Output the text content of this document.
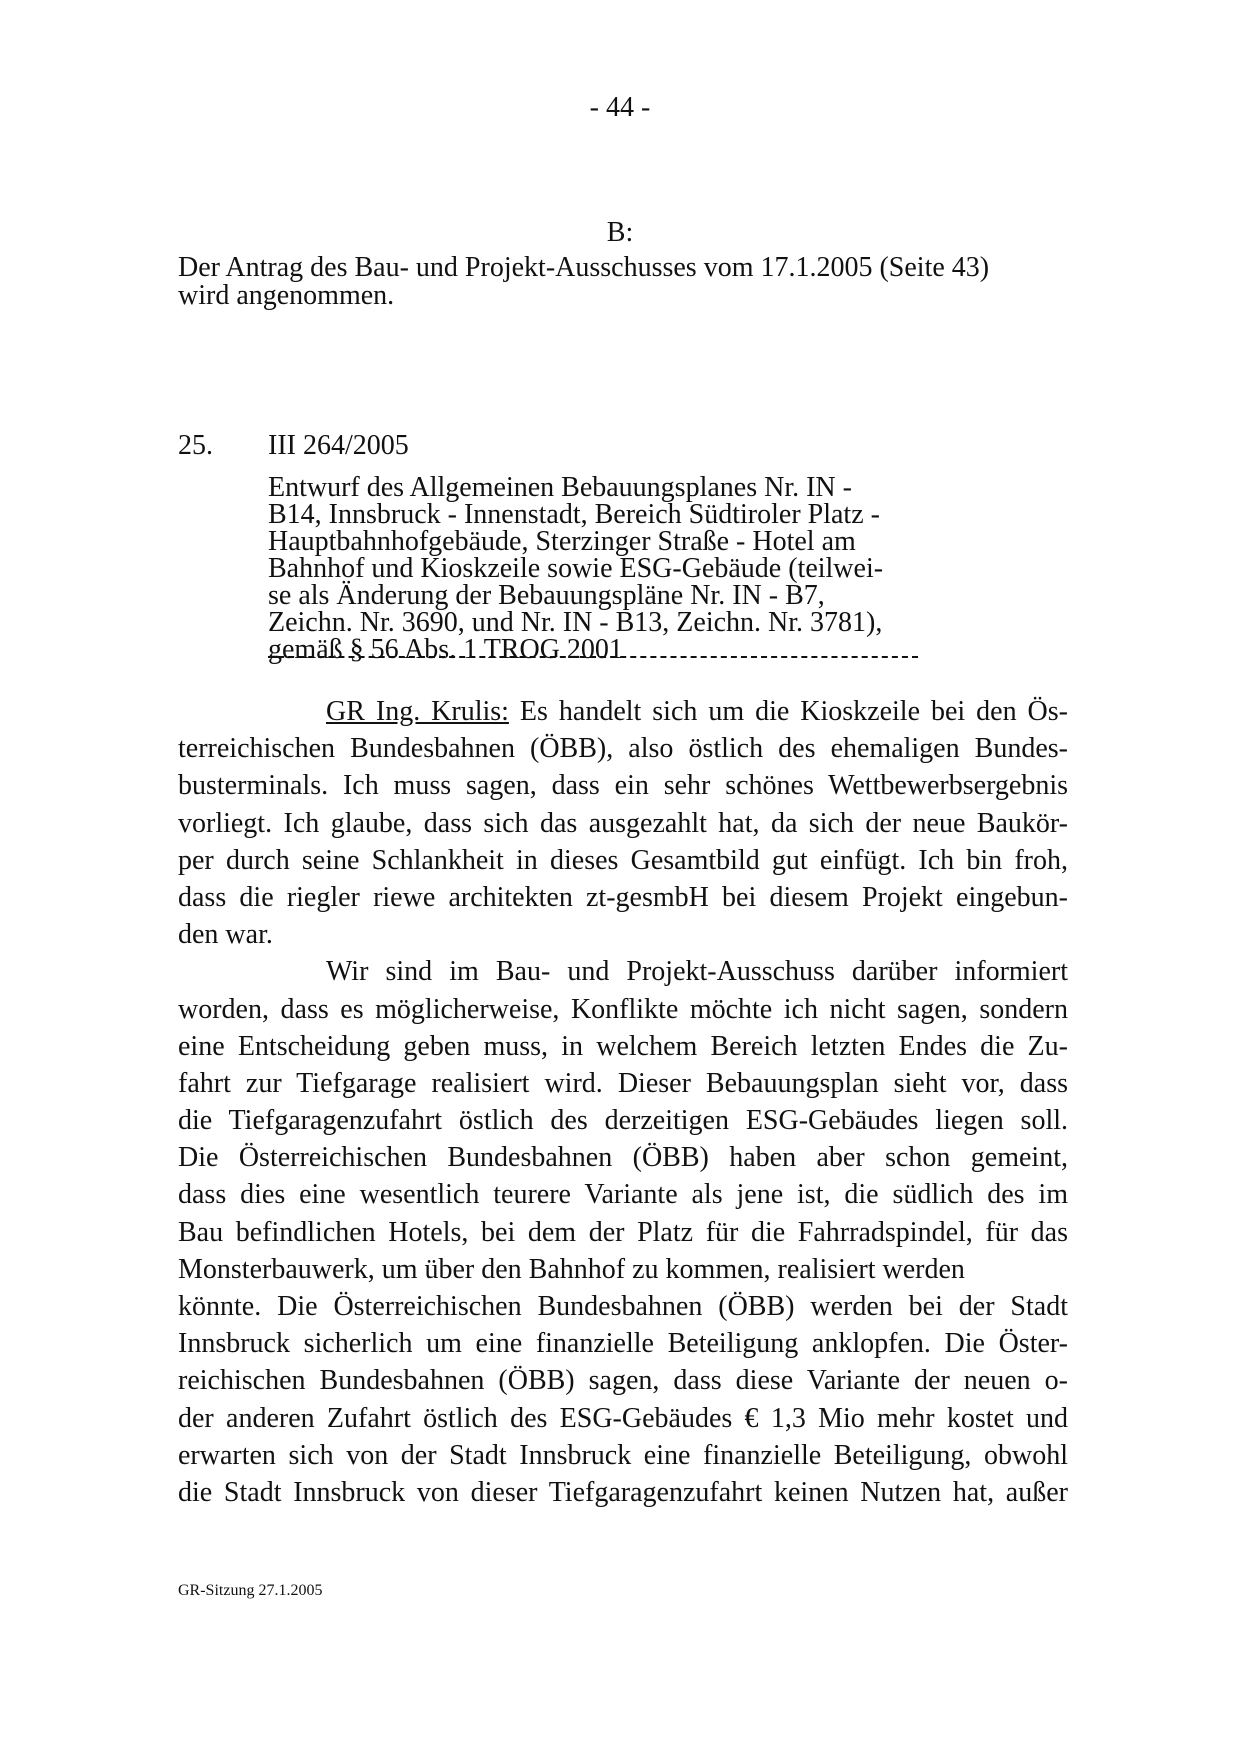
- 44 -
B:
Der Antrag des Bau- und Projekt-Ausschusses vom 17.1.2005 (Seite 43)
wird angenommen.
25. III 264/2005
Entwurf des Allgemeinen Bebauungsplanes Nr. IN -
B14, Innsbruck - Innenstadt, Bereich Südtiroler Platz -
Hauptbahnhofgebäude, Sterzinger Straße - Hotel am
Bahnhof und Kioskzeile sowie ESG-Gebäude (teilwei-
se als Änderung der Bebauungspläne Nr. IN - B7,
Zeichn. Nr. 3690, und Nr. IN - B13, Zeichn. Nr. 3781),
gemäß § 56 Abs. 1 TROG 2001
GR Ing. Krulis: Es handelt sich um die Kioskzeile bei den Ös-
terreichischen Bundesbahnen (ÖBB), also östlich des ehemaligen Bundes-
busterminals. Ich muss sagen, dass ein sehr schönes Wettbewerbsergebnis
vorliegt. Ich glaube, dass sich das ausgezahlt hat, da sich der neue Baukör-
per durch seine Schlankheit in dieses Gesamtbild gut einfügt. Ich bin froh,
dass die riegler riewe architekten zt-gesmbH bei diesem Projekt eingebun-
den war.
Wir sind im Bau- und Projekt-Ausschuss darüber informiert
worden, dass es möglicherweise, Konflikte möchte ich nicht sagen, sondern
eine Entscheidung geben muss, in welchem Bereich letzten Endes die Zu-
fahrt zur Tiefgarage realisiert wird. Dieser Bebauungsplan sieht vor, dass
die Tiefgaragenzufahrt östlich des derzeitigen ESG-Gebäudes liegen soll.
Die Österreichischen Bundesbahnen (ÖBB) haben aber schon gemeint,
dass dies eine wesentlich teurere Variante als jene ist, die südlich des im
Bau befindlichen Hotels, bei dem der Platz für die Fahrradspindel, für das
Monsterbauwerk, um über den Bahnhof zu kommen, realisiert werden
könnte. Die Österreichischen Bundesbahnen (ÖBB) werden bei der Stadt
Innsbruck sicherlich um eine finanzielle Beteiligung anklopfen. Die Öster-
reichischen Bundesbahnen (ÖBB) sagen, dass diese Variante der neuen o-
der anderen Zufahrt östlich des ESG-Gebäudes € 1,3 Mio mehr kostet und
erwarten sich von der Stadt Innsbruck eine finanzielle Beteiligung, obwohl
die Stadt Innsbruck von dieser Tiefgaragenzufahrt keinen Nutzen hat, außer
GR-Sitzung 27.1.2005
